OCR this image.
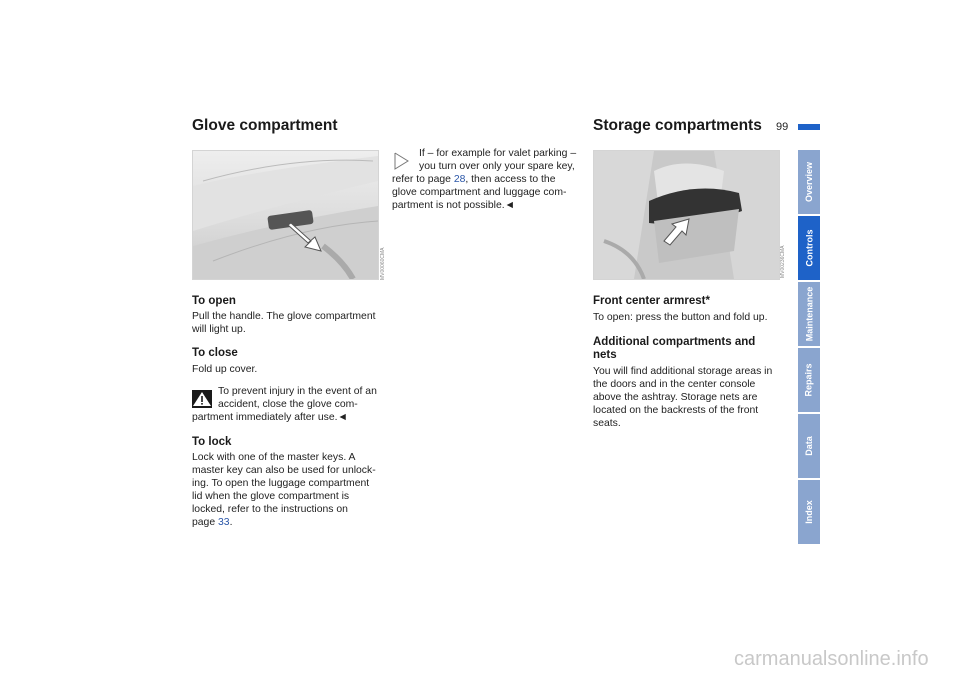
Glove compartment
MV00060CMA
To open
Pull the handle. The glove compartment
will light up.
To close
Fold up cover.
To prevent injury in the event of an
accident, close the glove com-
partment immediately after use.◄
To lock
Lock with one of the master keys. A
master key can also be used for unlock-
ing. To open the luggage compartment
lid when the glove compartment is
locked, refer to the instructions on
page 33.
If – for example for valet parking –
you turn over only your spare key,
refer to page 28, then access to the
glove compartment and luggage com-
partment is not possible.◄
Storage compartments 99
MV00236CMA
Front center armrest*
To open: press the button and fold up.
Additional compartments and
nets
You will find additional storage areas in
the doors and in the center console
above the ashtray. Storage nets are
located on the backrests of the front
seats.
Overview
Controls
Maintenance
Repairs
Data
Index
carmanualsonline.info
